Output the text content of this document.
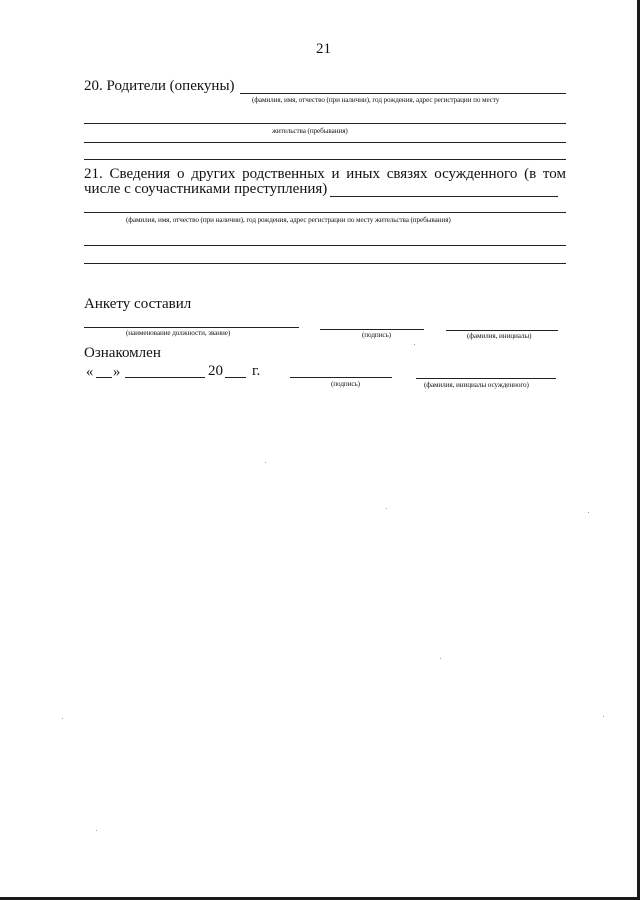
21
20. Родители (опекуны)
(фамилия, имя, отчество (при наличии), год рождения, адрес регистрации по месту
жительства (пребывания)
21. Сведения о других родственных и иных связях осужденного (в том
числе с соучастниками преступления)
(фамилия, имя, отчество (при наличии), год рождения, адрес регистрации по месту жительства (пребывания)
Анкету составил
(наименование должности, звание)	(подпись)	(фамилия, инициалы)
Ознакомлен
« »	20 г.
(подпись)	(фамилия, инициалы осужденного)
